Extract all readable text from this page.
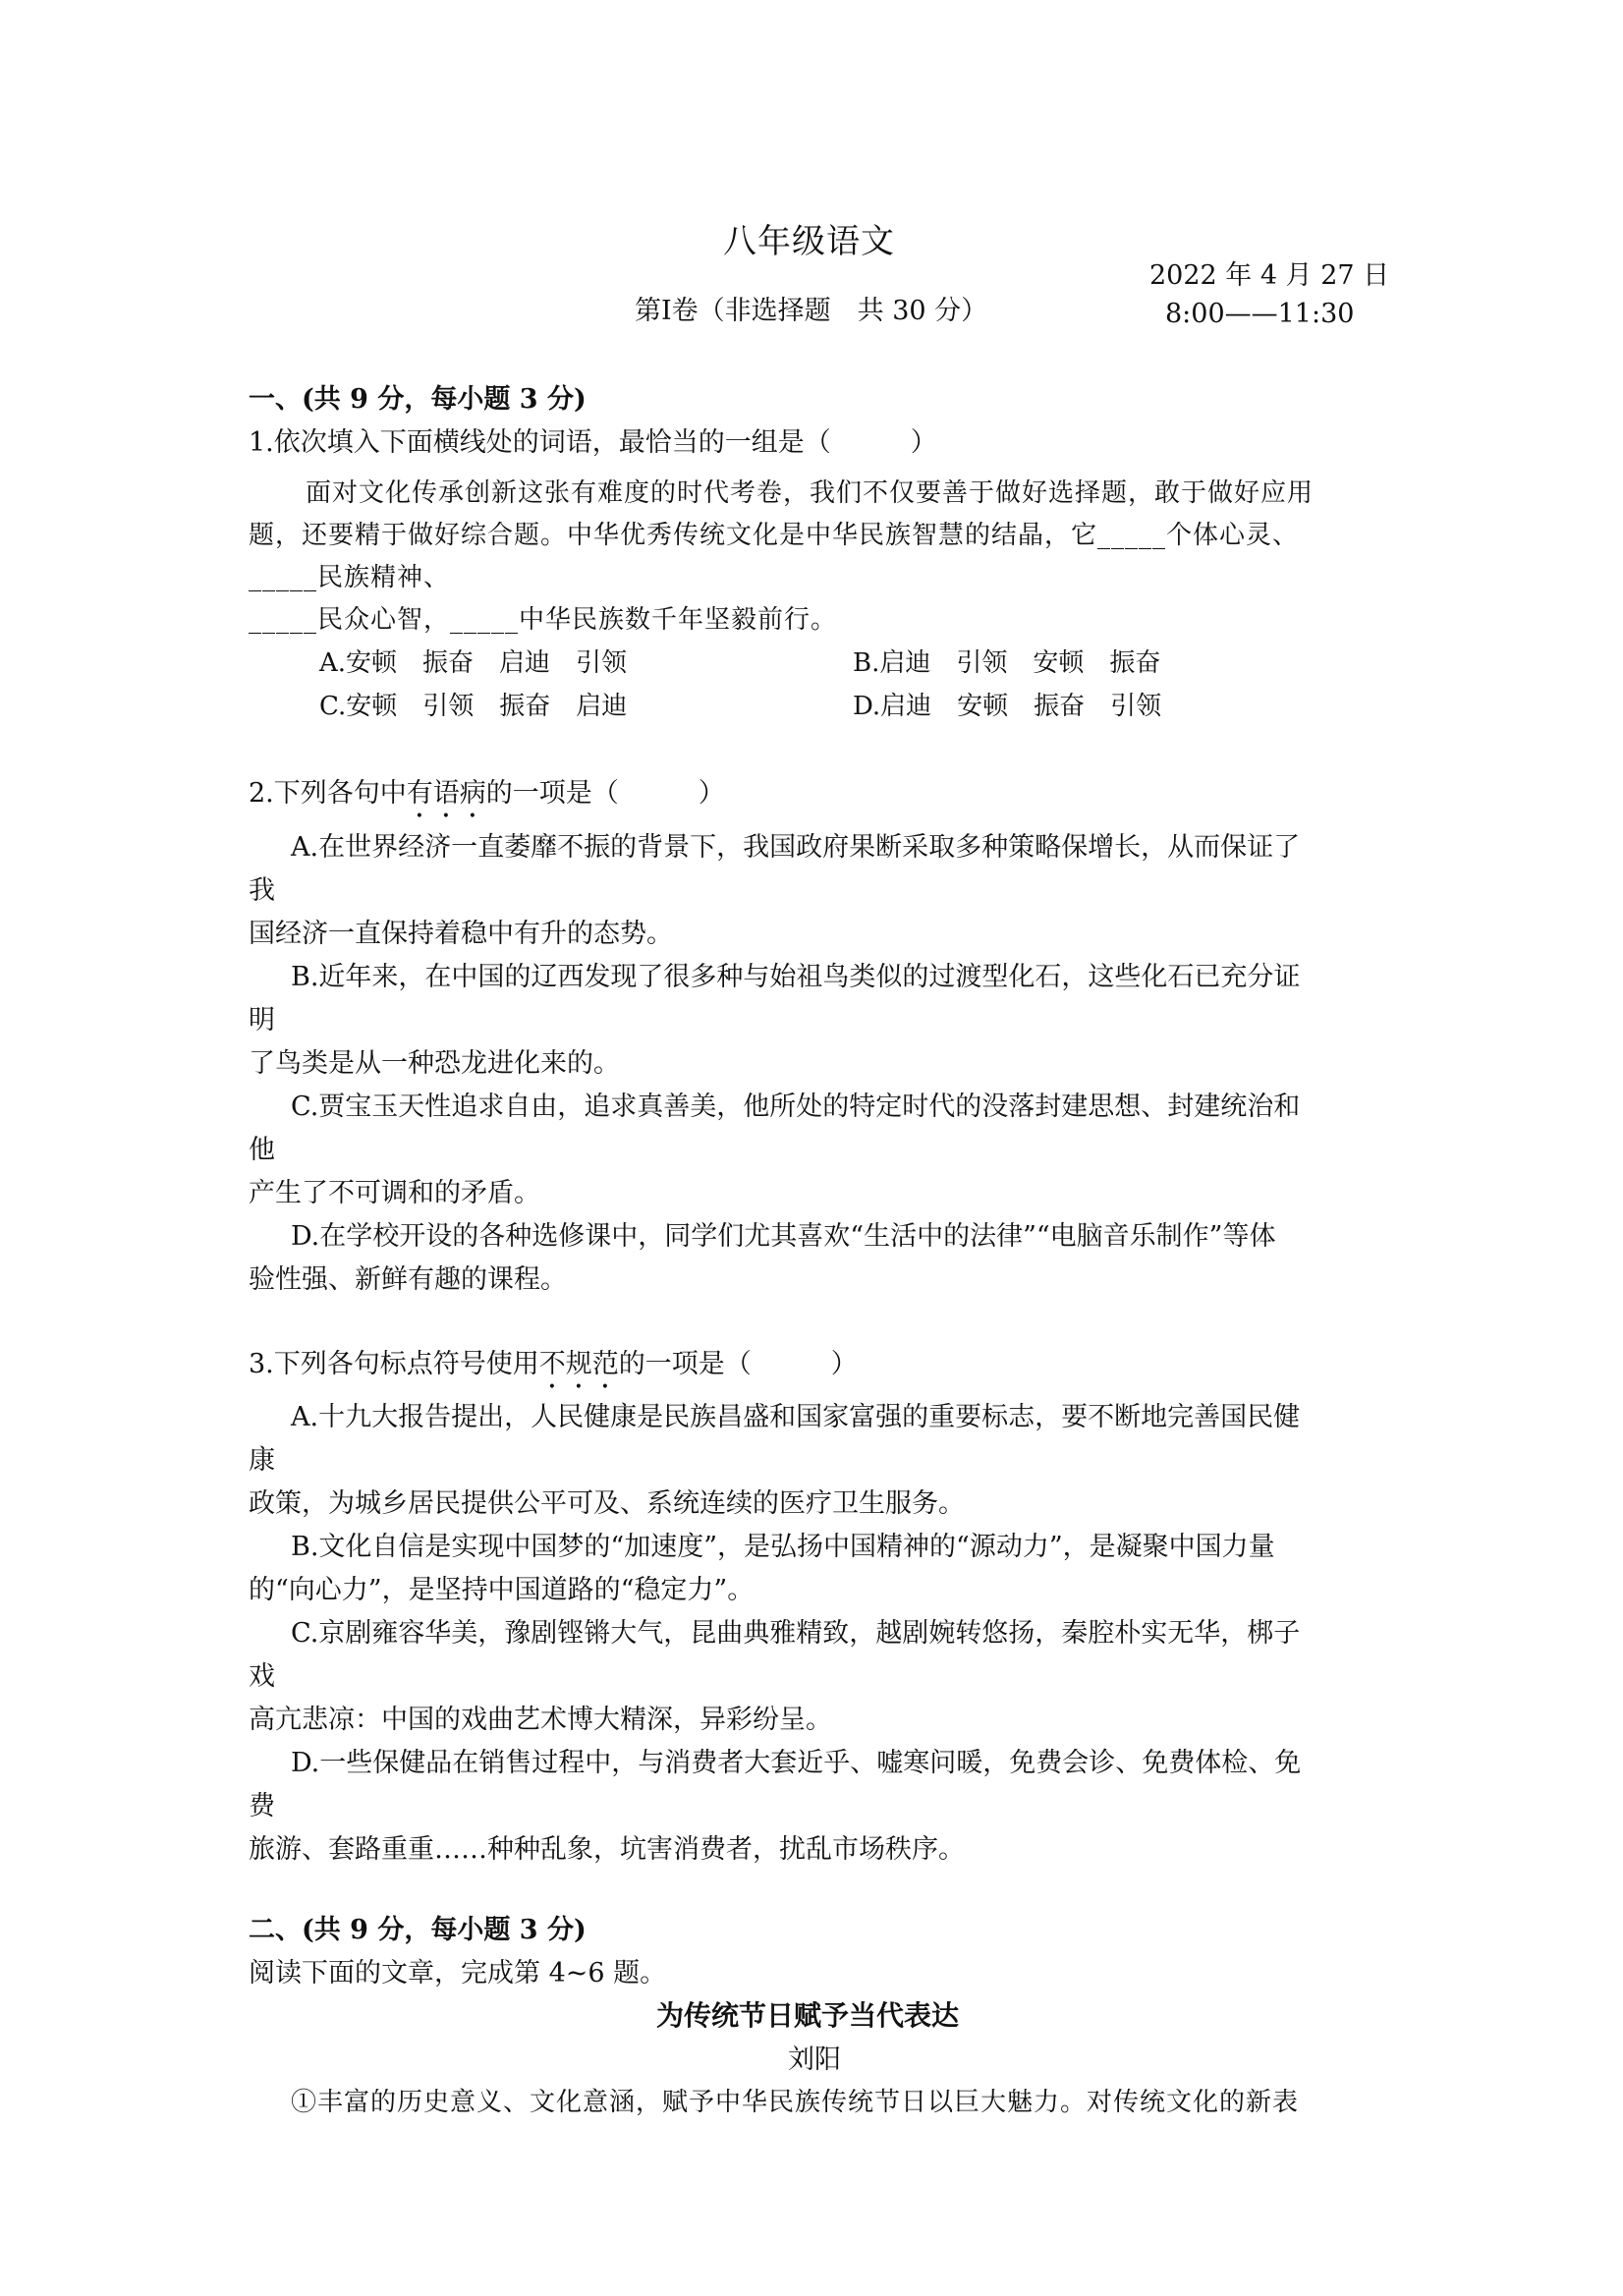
八年级语文
第Ⅰ卷（非选择题　共 30 分）
2022 年 4 月 27 日
8:00——11:30
一、(共 9 分，每小题 3 分)
1.依次填入下面横线处的词语，最恰当的一组是（　　　）
面对文化传承创新这张有难度的时代考卷，我们不仅要善于做好选择题，敢于做好应用
题，还要精于做好综合题。中华优秀传统文化是中华民族智慧的结晶，它_____个体心灵、
_____民族精神、
_____民众心智，_____中华民族数千年坚毅前行。
A.安顿　振奋　启迪　引领	B.启迪　引领　安顿　振奋
C.安顿　引领　振奋　启迪	D.启迪　安顿　振奋　引领
2.下列各句中有语病的一项是（　　　）
A.在世界经济一直萎靡不振的背景下，我国政府果断采取多种策略保增长，从而保证了
我
国经济一直保持着稳中有升的态势。
B.近年来，在中国的辽西发现了很多种与始祖鸟类似的过渡型化石，这些化石已充分证
明
了鸟类是从一种恐龙进化来的。
C.贾宝玉天性追求自由，追求真善美，他所处的特定时代的没落封建思想、封建统治和
他
产生了不可调和的矛盾。
D.在学校开设的各种选修课中，同学们尤其喜欢“生活中的法律”“电脑音乐制作”等体
验性强、新鲜有趣的课程。
3.下列各句标点符号使用不规范的一项是（　　　）
A.十九大报告提出，人民健康是民族昌盛和国家富强的重要标志，要不断地完善国民健
康
政策，为城乡居民提供公平可及、系统连续的医疗卫生服务。
B.文化自信是实现中国梦的“加速度”，是弘扬中国精神的“源动力”，是凝聚中国力量
的“向心力”，是坚持中国道路的“稳定力”。
C.京剧雍容华美，豫剧铿锵大气，昆曲典雅精致，越剧婉转悠扬，秦腔朴实无华，梆子
戏
高亢悲凉：中国的戏曲艺术博大精深，异彩纷呈。
D.一些保健品在销售过程中，与消费者大套近乎、嘘寒问暖，免费会诊、免费体检、免
费
旅游、套路重重……种种乱象，坑害消费者，扰乱市场秩序。
二、(共 9 分，每小题 3 分)
阅读下面的文章，完成第 4~6 题。
为传统节日赋予当代表达
刘阳
①丰富的历史意义、文化意涵，赋予中华民族传统节日以巨大魅力。对传统文化的新表
